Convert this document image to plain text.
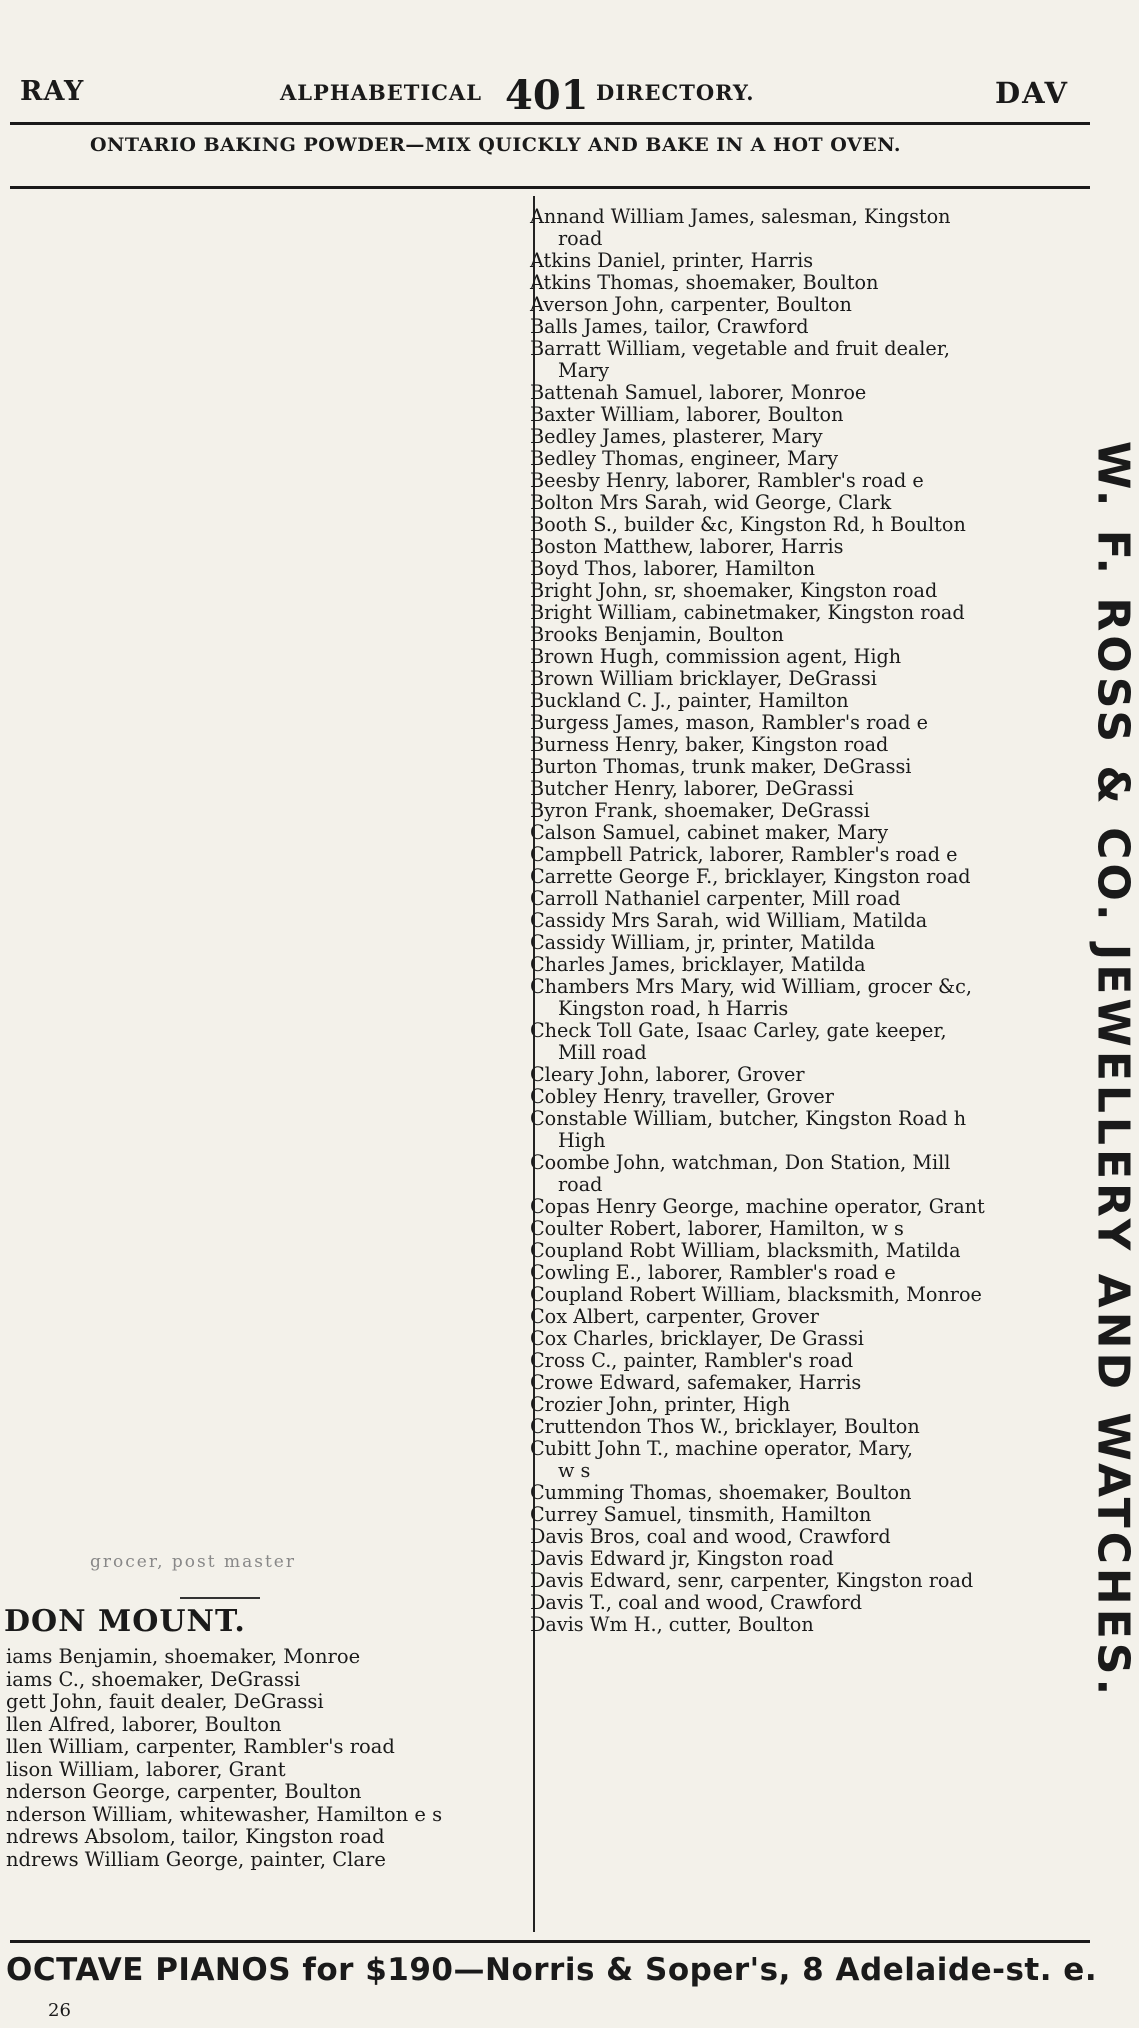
RAY	ALPHABETICAL 401 DIRECTORY.	DAV
ONTARIO BAKING POWDER—MIX QUICKLY AND BAKE IN A HOT OVEN.
Annand William James, salesman, Kingston
road
Atkins Daniel, printer, Harris
Atkins Thomas, shoemaker, Boulton
Averson John, carpenter, Boulton
Balls James, tailor, Crawford
Barratt William, vegetable and fruit dealer,
Mary
Battenah Samuel, laborer, Monroe
Baxter William, laborer, Boulton
Bedley James, plasterer, Mary
Bedley Thomas, engineer, Mary
Beesby Henry, laborer, Rambler's road e
Bolton Mrs Sarah, wid George, Clark
Booth S., builder &c, Kingston Rd, h Boulton
Boston Matthew, laborer, Harris
Boyd Thos, laborer, Hamilton
Bright John, sr, shoemaker, Kingston road
Bright William, cabinetmaker, Kingston road
Brooks Benjamin, Boulton
Brown Hugh, commission agent, High
Brown William bricklayer, DeGrassi
Buckland C. J., painter, Hamilton
Burgess James, mason, Rambler's road e
Burness Henry, baker, Kingston road
Burton Thomas, trunk maker, DeGrassi
Butcher Henry, laborer, DeGrassi
Byron Frank, shoemaker, DeGrassi
Calson Samuel, cabinet maker, Mary
Campbell Patrick, laborer, Rambler's road e
Carrette George F., bricklayer, Kingston road
Carroll Nathaniel carpenter, Mill road
Cassidy Mrs Sarah, wid William, Matilda
Cassidy William, jr, printer, Matilda
Charles James, bricklayer, Matilda
Chambers Mrs Mary, wid William, grocer &c,
Kingston road, h Harris
Check Toll Gate, Isaac Carley, gate keeper,
Mill road
Cleary John, laborer, Grover
Cobley Henry, traveller, Grover
Constable William, butcher, Kingston Road h
High
Coombe John, watchman, Don Station, Mill
road
Copas Henry George, machine operator, Grant
Coulter Robert, laborer, Hamilton, w s
Coupland Robt William, blacksmith, Matilda
Cowling E., laborer, Rambler's road e
Coupland Robert William, blacksmith, Monroe
Cox Albert, carpenter, Grover
Cox Charles, bricklayer, De Grassi
Cross C., painter, Rambler's road
Crowe Edward, safemaker, Harris
Crozier John, printer, High
Cruttendon Thos W., bricklayer, Boulton
Cubitt John T., machine operator, Mary,
w s
Cumming Thomas, shoemaker, Boulton
Currey Samuel, tinsmith, Hamilton
Davis Bros, coal and wood, Crawford
Davis Edward jr, Kingston road
Davis Edward, senr, carpenter, Kingston road
Davis T., coal and wood, Crawford
Davis Wm H., cutter, Boulton	W. F. ROSS & CO. JEWELLERY AND WATCHES.
grocer, post master
DON MOUNT.
iams Benjamin, shoemaker, Monroe
iams C., shoemaker, DeGrassi
gett John, fauit dealer, DeGrassi
llen Alfred, laborer, Boulton
llen William, carpenter, Rambler's road
lison William, laborer, Grant
nderson George, carpenter, Boulton
nderson William, whitewasher, Hamilton e s
ndrews Absolom, tailor, Kingston road
ndrews William George, painter, Clare
OCTAVE PIANOS for $190—Norris & Soper's, 8 Adelaide-st. e.
26
